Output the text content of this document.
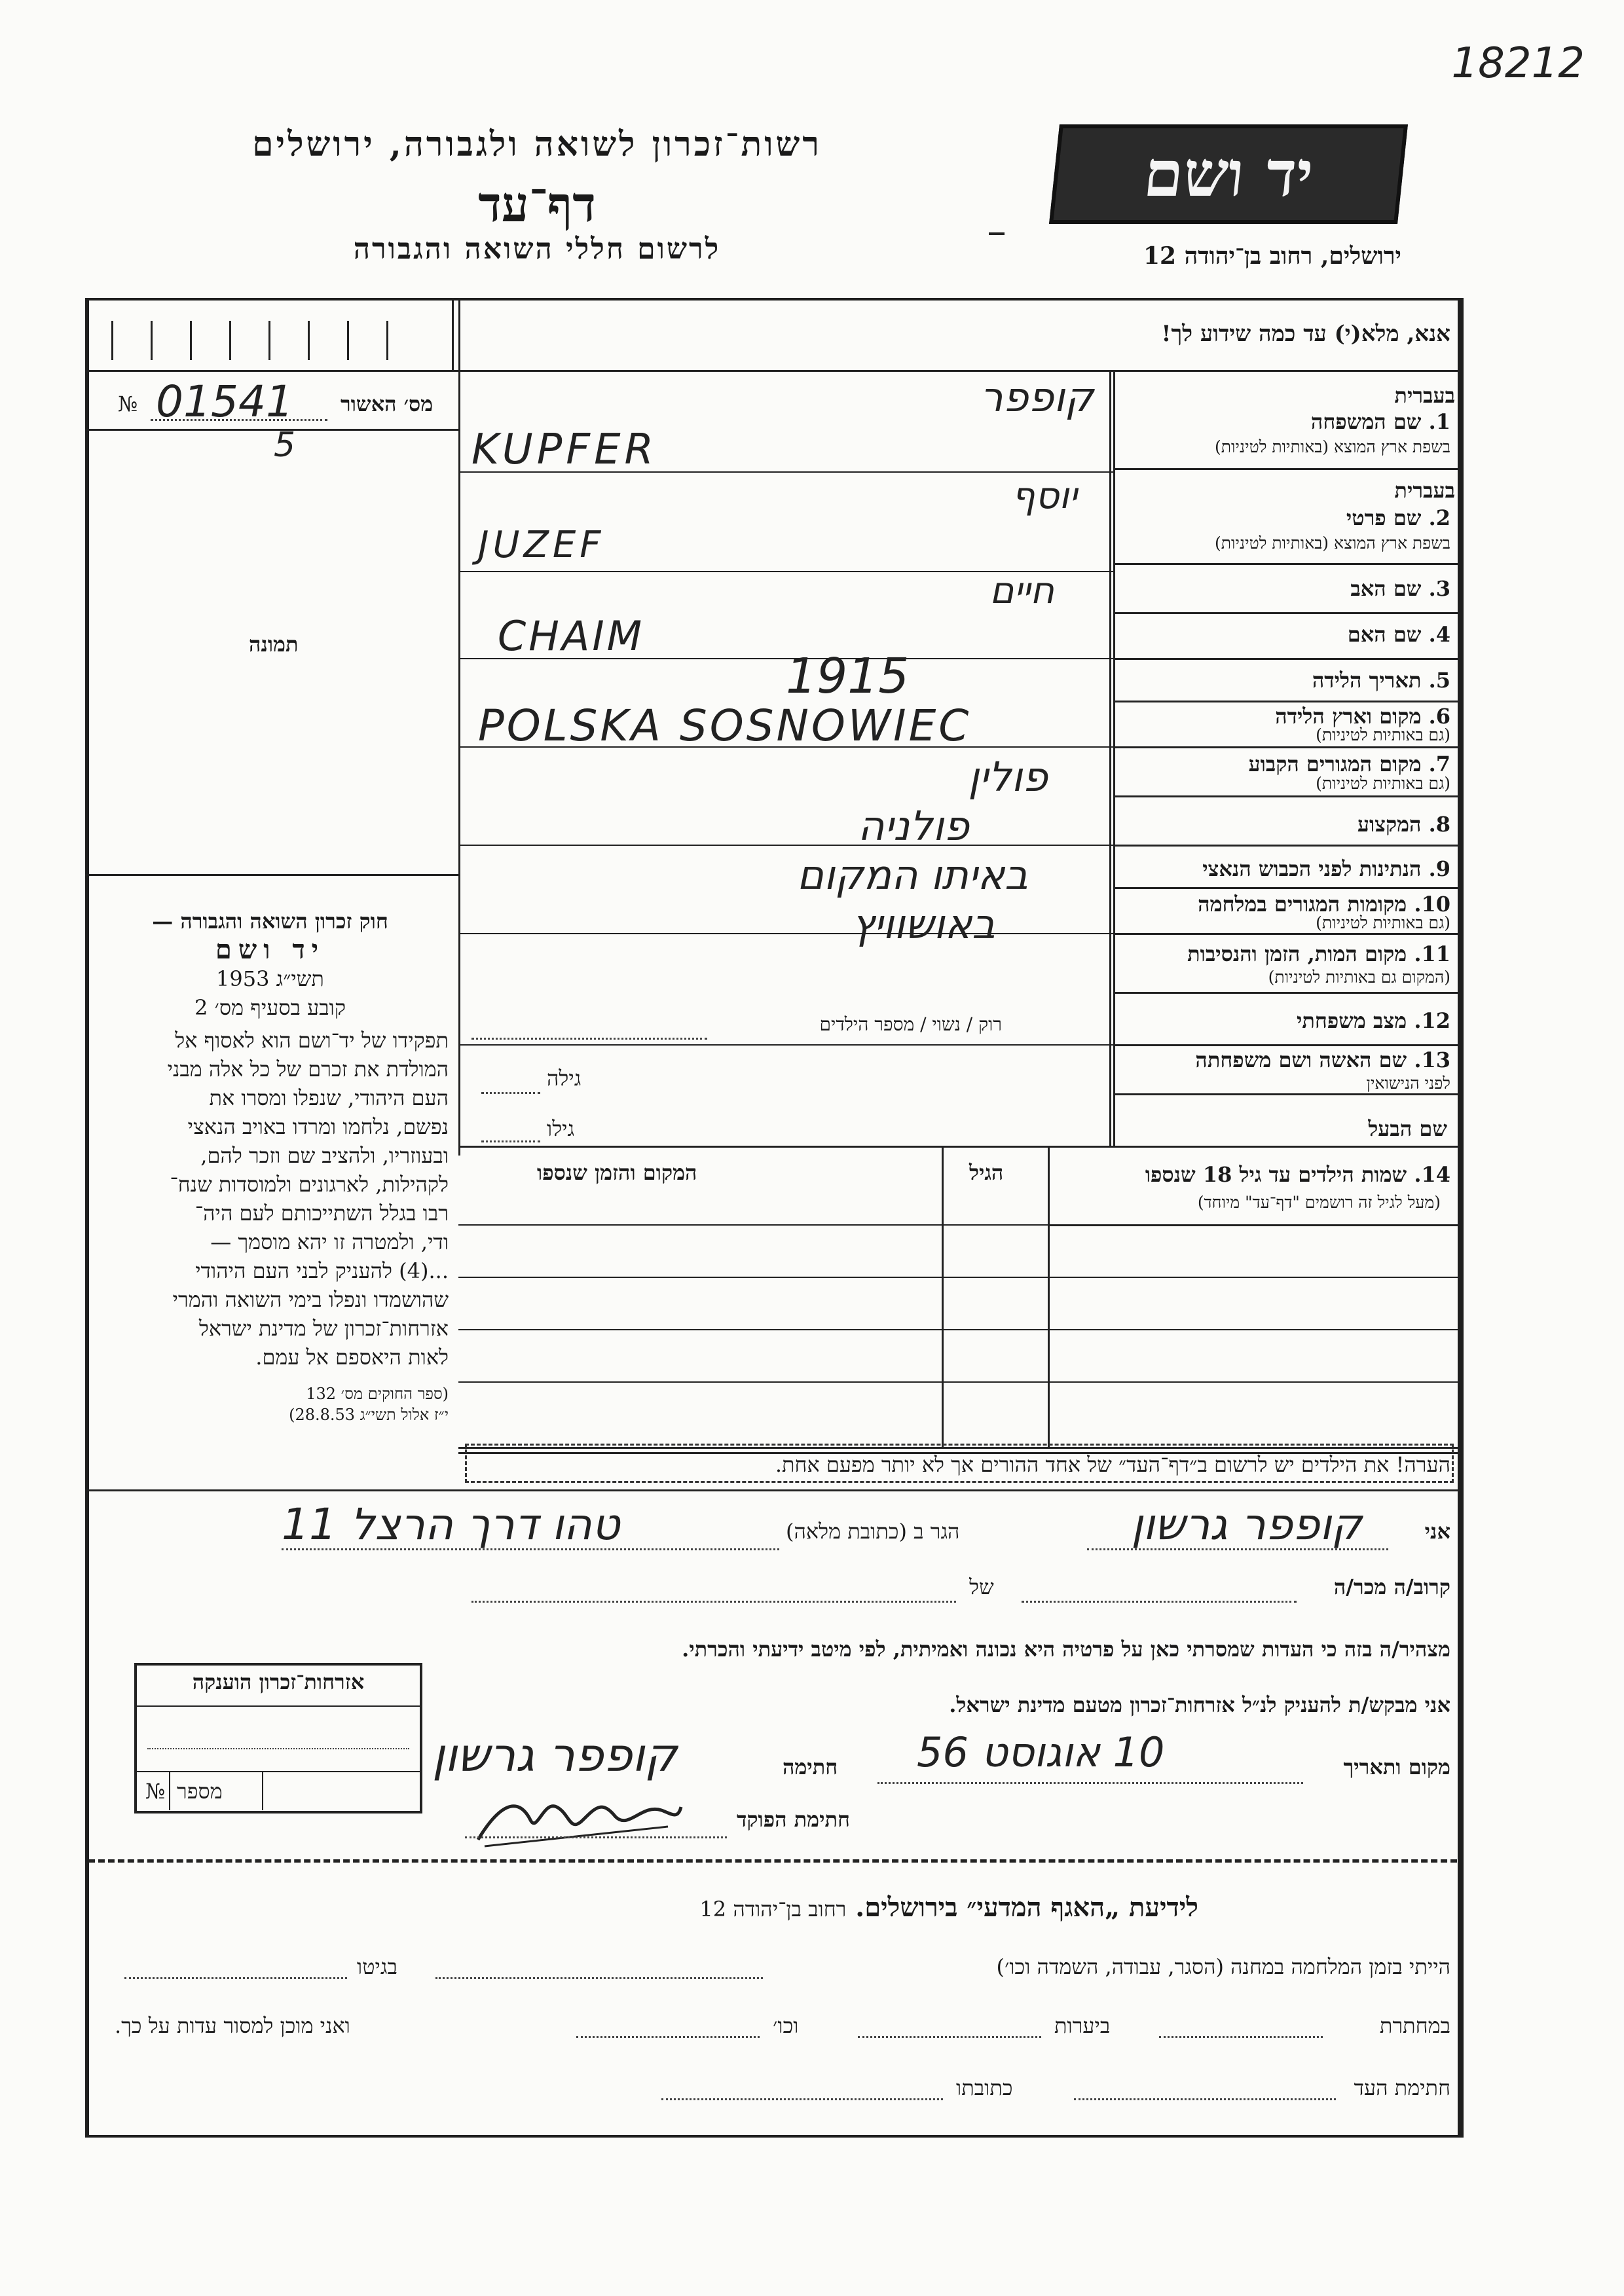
18212
רשות־זכרון לשואה ולגבורה, ירושלים
דף־עד
לרשום חללי השואה והגבורה
יד ושם
ירושלים, רחוב בן־יהודה 12
אנא, מלא(י) עד כמה שידוע לך!
מס׳ האשור
№ 01541
5
תמונה
חוק זכרון השואה והגבורה —
יד ושם
תשי״ג 1953
קובע בסעיף מס׳ 2
תפקידו של יד־ושם הוא לאסוף אל
המולדת את זכרם של כל אלה מבני
העם היהודי, שנפלו ומסרו את
נפשם, נלחמו ומרדו באויב הנאצי
ובעוזריו, ולהציב שם וזכר להם,
לקהילות, לארגונים ולמוסדות שנח־
רבו בגלל השתייכותם לעם היה־
ודי, ולמטרה זו יהא מוסמך —
...(4) להעניק לבני העם היהודי
שהושמדו ונפלו בימי השואה והמרי
אזרחות־זכרון של מדינת ישראל
לאות היאספם אל עמם.
(ספר החוקים מס׳ 132
י״ז אלול תשי״ג 28.8.53)
בעברית
1. שם המשפחה
בשפת ארץ המוצא (באותיות לטיניות)
קופפר
KUPFER
בעברית
2. שם פרטי
בשפת ארץ המוצא (באותיות לטיניות)
יוסף
JUZEF
3. שם האב
חיים
4. שם האם
CHAIM
5. תאריך הלידה
1915
6. מקום וארץ הלידה
(גם באותיות לטיניות)
POLSKA SOSNOWIEC
7. מקום המגורים הקבוע
(גם באותיות לטיניות)
פולין
8. המקצוע
פולניה
9. הנתינות לפני הכבוש הנאצי
באיתו המקום
10. מקומות המגורים במלחמה
(גם באותיות לטיניות)
באושוויץ
11. מקום המות, הזמן והנסיבות
(המקום גם באותיות לטיניות)
12. מצב משפחתי
רוק / נשוי / מספר הילדים
13. שם האשה ושם משפחתה
לפני הנישואין
גילה
שם הבעל
גילו
14. שמות הילדים עד גיל 18 שנספו
(מעל לגיל זה רושמים "דף־עד" מיוחד)
הגיל
המקום והזמן שנספו
הערה! את הילדים יש לרשום ב״דף־העד״ של אחד ההורים אך לא יותר מפעם אחת.
אני
קופפר גרשון
הגר ב (כתובת מלאה)
טהו דרך הרצל 11
קרוב/ה מכר/ה
של
מצהיר/ה בזה כי העדות שמסרתי כאן על פרטיה היא נכונה ואמיתית, לפי מיטב ידיעתי והכרתי.
אני מבקש/ת להעניק לנ״ל אזרחות־זכרון מטעם מדינת ישראל.
מקום ותאריך
10 אוגוסט 56
חתימה
קופפר גרשון
חתימת הפוקד
אזרחות־זכרון הוענקה
מספר
№
לידיעת „האגף המדעי״ בירושלים. רחוב בן־יהודה 12
הייתי בזמן המלחמה במחנה (הסגר, עבודה, השמדה וכו׳)
בגיטו
במחתרת
ביערות
וכו׳
ואני מוכן למסור עדות על כך.
חתימת העד
כתובתו
